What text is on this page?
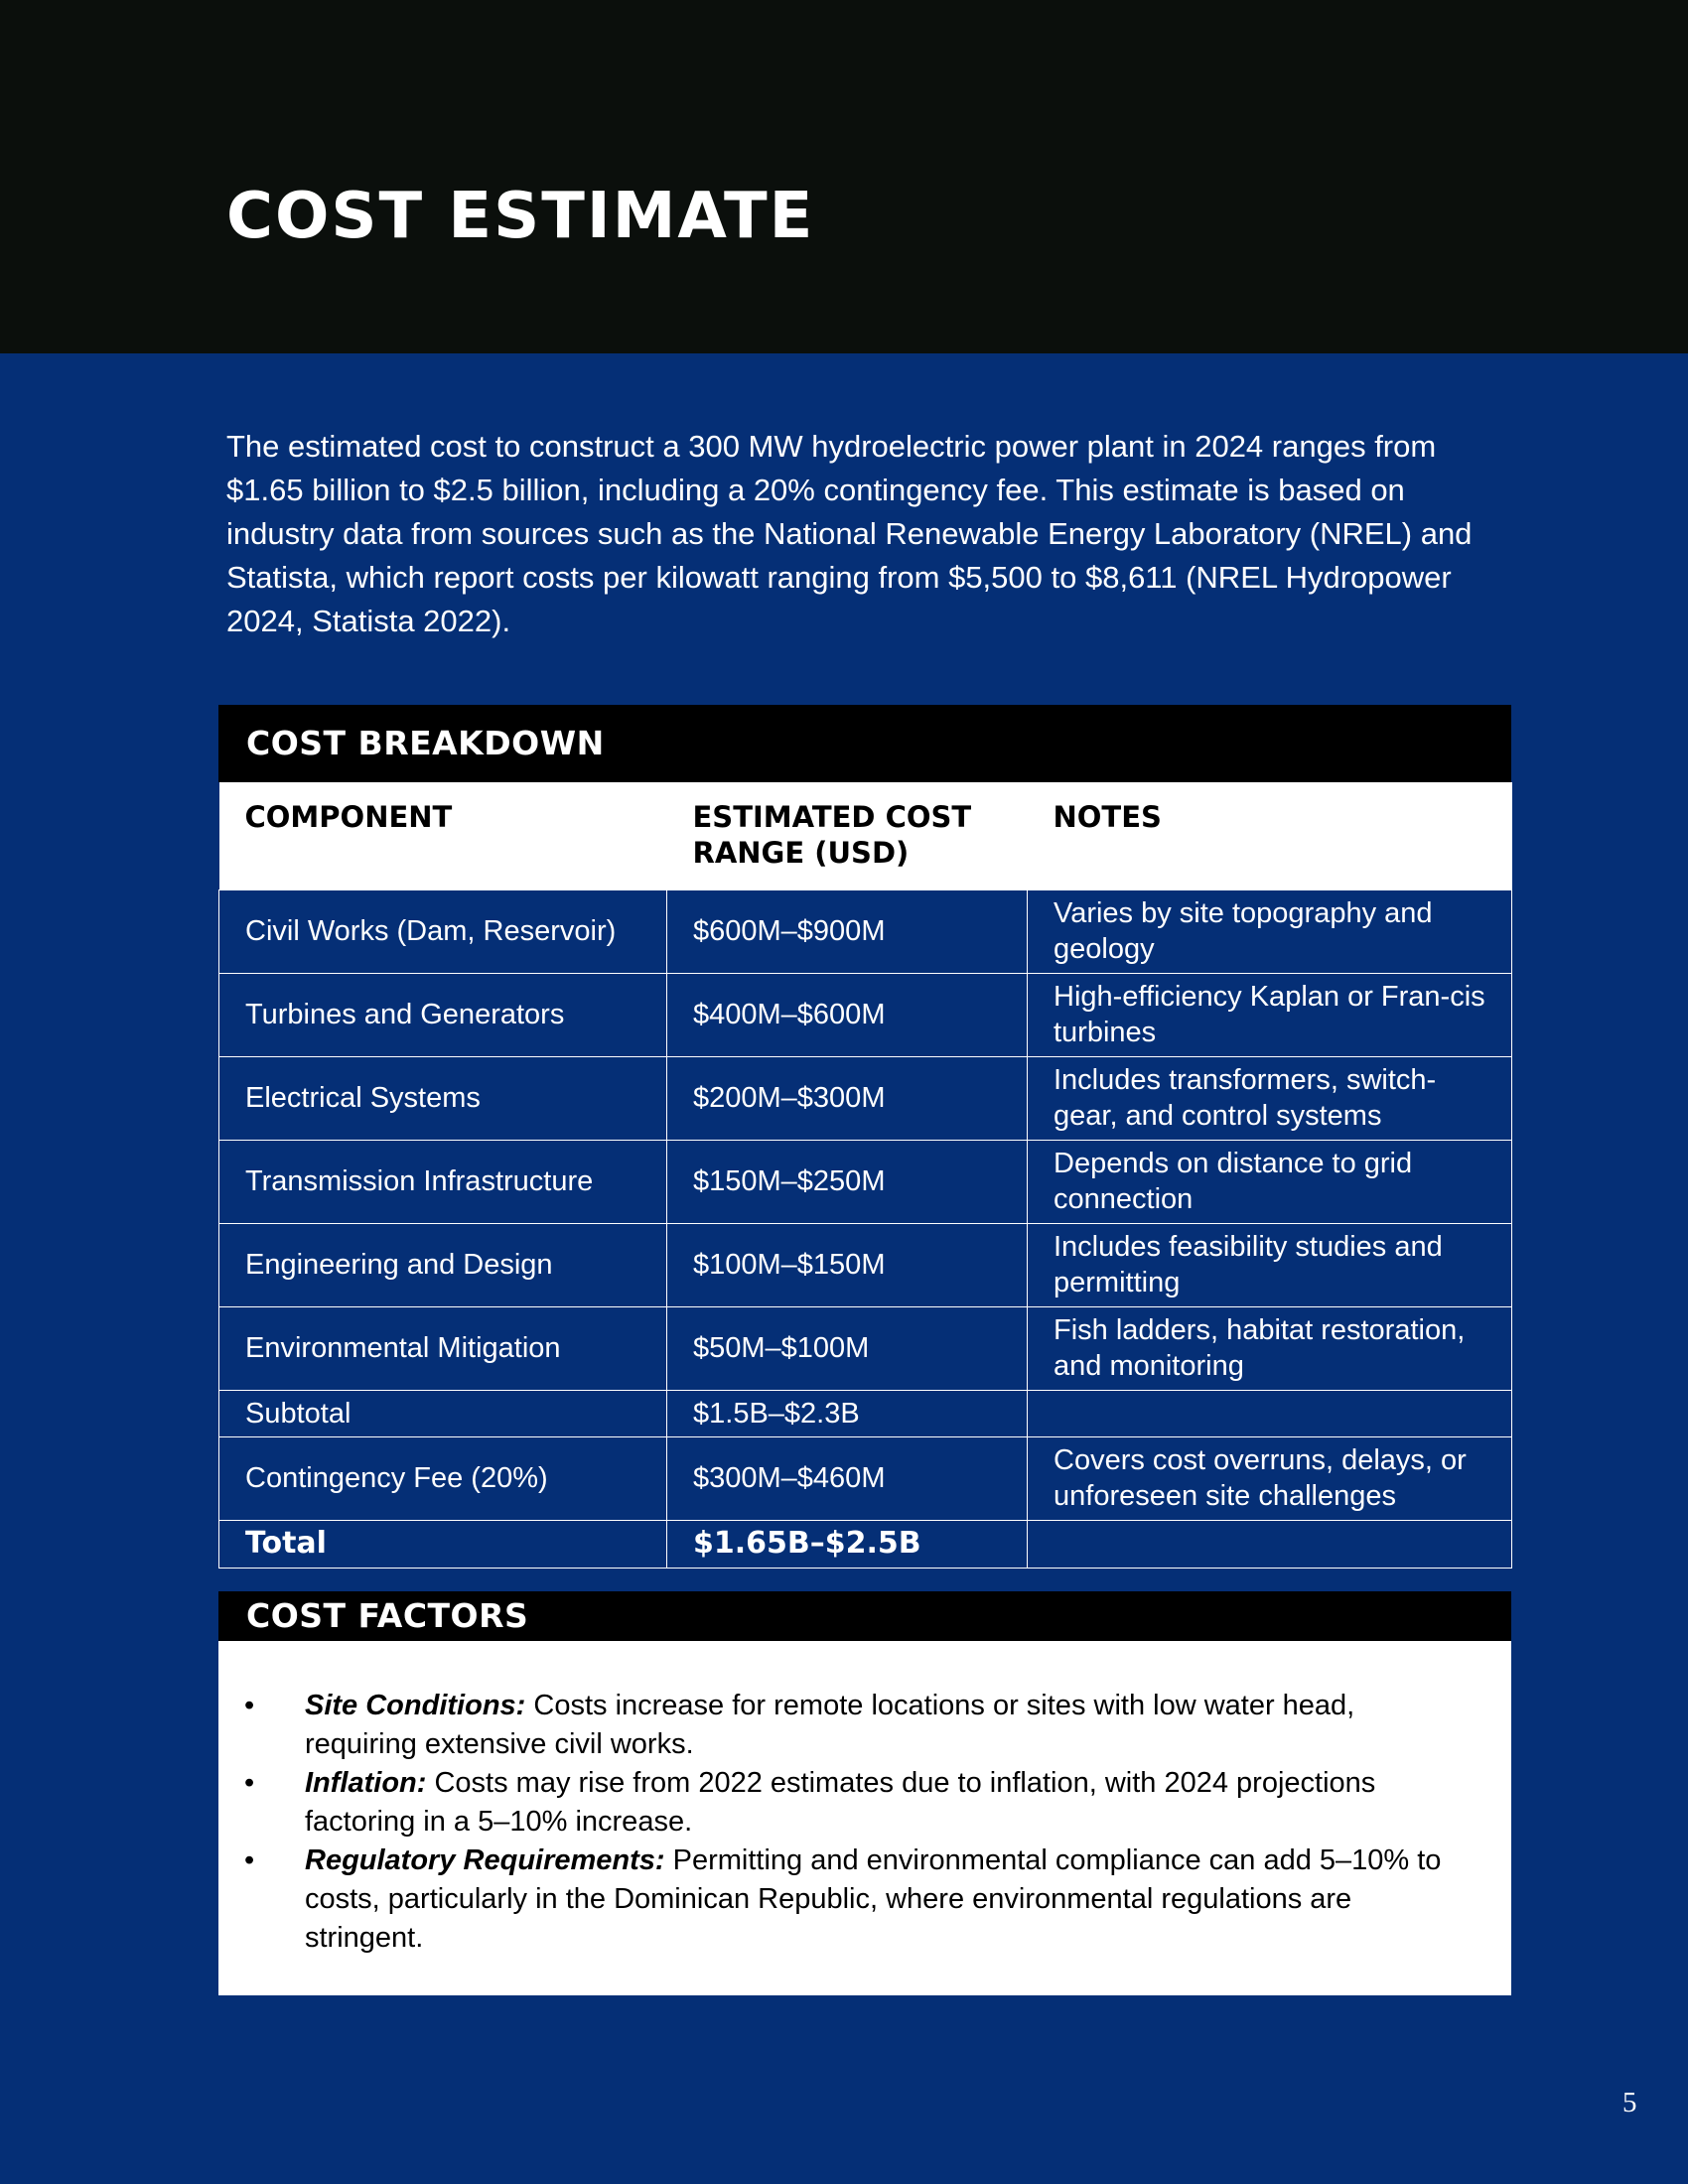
COST ESTIMATE

The estimated cost to construct a 300 MW hydroelectric power plant in 2024 ranges from $1.65 billion to $2.5 billion, including a 20% contingency fee. This estimate is based on industry data from sources such as the National Renewable Energy Laboratory (NREL) and Statista, which report costs per kilowatt ranging from $5,500 to $8,611 (NREL Hydropower 2024, Statista 2022).

COST BREAKDOWN
COMPONENT	ESTIMATED COST RANGE (USD)	NOTES
Civil Works (Dam, Reservoir)	$600M–$900M	Varies by site topography and geology
Turbines and Generators	$400M–$600M	High-efficiency Kaplan or Fran-cis turbines
Electrical Systems	$200M–$300M	Includes transformers, switch-gear, and control systems
Transmission Infrastructure	$150M–$250M	Depends on distance to grid connection
Engineering and Design	$100M–$150M	Includes feasibility studies and permitting
Environmental Mitigation	$50M–$100M	Fish ladders, habitat restoration, and monitoring
Subtotal	$1.5B–$2.3B	
Contingency Fee (20%)	$300M–$460M	Covers cost overruns, delays, or unforeseen site challenges
Total	$1.65B–$2.5B	
COST FACTORS
• Site Conditions: Costs increase for remote locations or sites with low water head, requiring extensive civil works.
• Inflation: Costs may rise from 2022 estimates due to inflation, with 2024 projections factoring in a 5–10% increase.
• Regulatory Requirements: Permitting and environmental compliance can add 5–10% to costs, particularly in the Dominican Republic, where environmental regulations are stringent.
5
